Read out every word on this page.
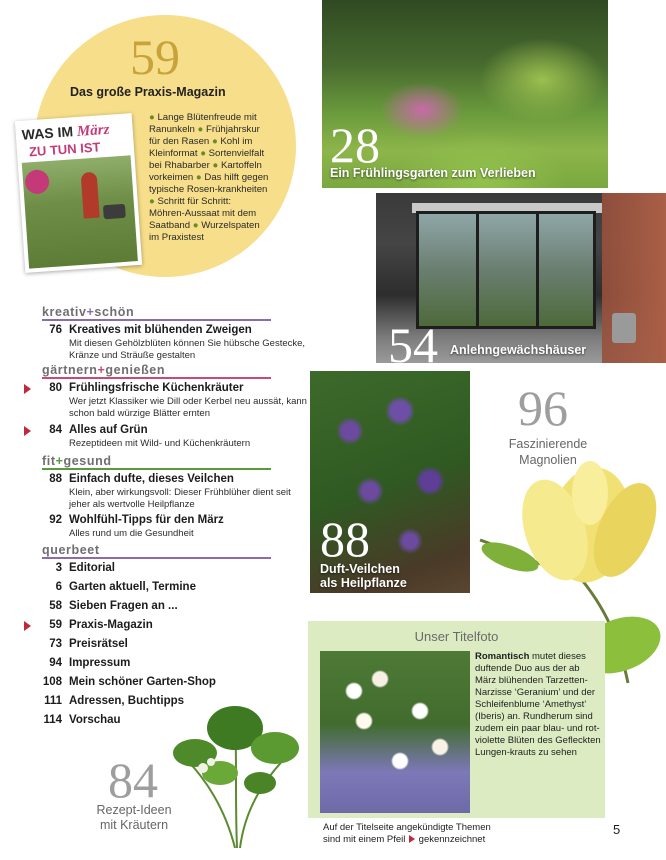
59
Das große Praxis-Magazin
● Lange Blütenfreude mit Ranunkeln ● Frühjahrskur für den Rasen ● Kohl im Kleinformat ● Sortenvielfalt bei Rhabarber ● Kartoffeln vorkeimen ● Das hilft gegen typische Rosen-krankheiten ● Schritt für Schritt: Möhren-Aussaat mit dem Saatband ● Wurzelspaten im Praxistest
WAS IM März
ZU TUN IST	28
Ein Frühlingsgarten zum Verlieben
54 Anlehngewächshäuser
88
Duft-Veilchen
als Heilpflanze
96
Faszinierende
Magnolien
kreativ+schön
76 Kreatives mit blühenden Zweigen
Mit diesen Gehölzblüten können Sie hübsche Gestecke, Kränze und Sträuße gestalten
gärtnern+genießen
80 Frühlingsfrische Küchenkräuter
Wer jetzt Klassiker wie Dill oder Kerbel neu aussät, kann schon bald würzige Blätter ernten
84 Alles auf Grün
Rezeptideen mit Wild- und Küchenkräutern
fit+gesund
88 Einfach dufte, dieses Veilchen
Klein, aber wirkungsvoll: Dieser Frühblüher dient seit jeher als wertvolle Heilpflanze
92 Wohlfühl-Tipps für den März
Alles rund um die Gesundheit
querbeet
3 Editorial
6 Garten aktuell, Termine
58 Sieben Fragen an ...
59 Praxis-Magazin
73 Preisrätsel
94 Impressum
108 Mein schöner Garten-Shop
111 Adressen, Buchtipps
114 Vorschau
84
Rezept-Ideen
mit Kräutern
Unser Titelfoto
Romantisch mutet dieses duftende Duo aus der ab März blühenden Tarzetten-Narzisse ‘Geranium’ und der Schleifenblume ‘Amethyst’ (Iberis) an. Rundherum sind zudem ein paar blau- und rot-violette Blüten des Gefleckten Lungen-krauts zu sehen
Auf der Titelseite angekündigte Themen
sind mit einem Pfeil gekennzeichnet
5
